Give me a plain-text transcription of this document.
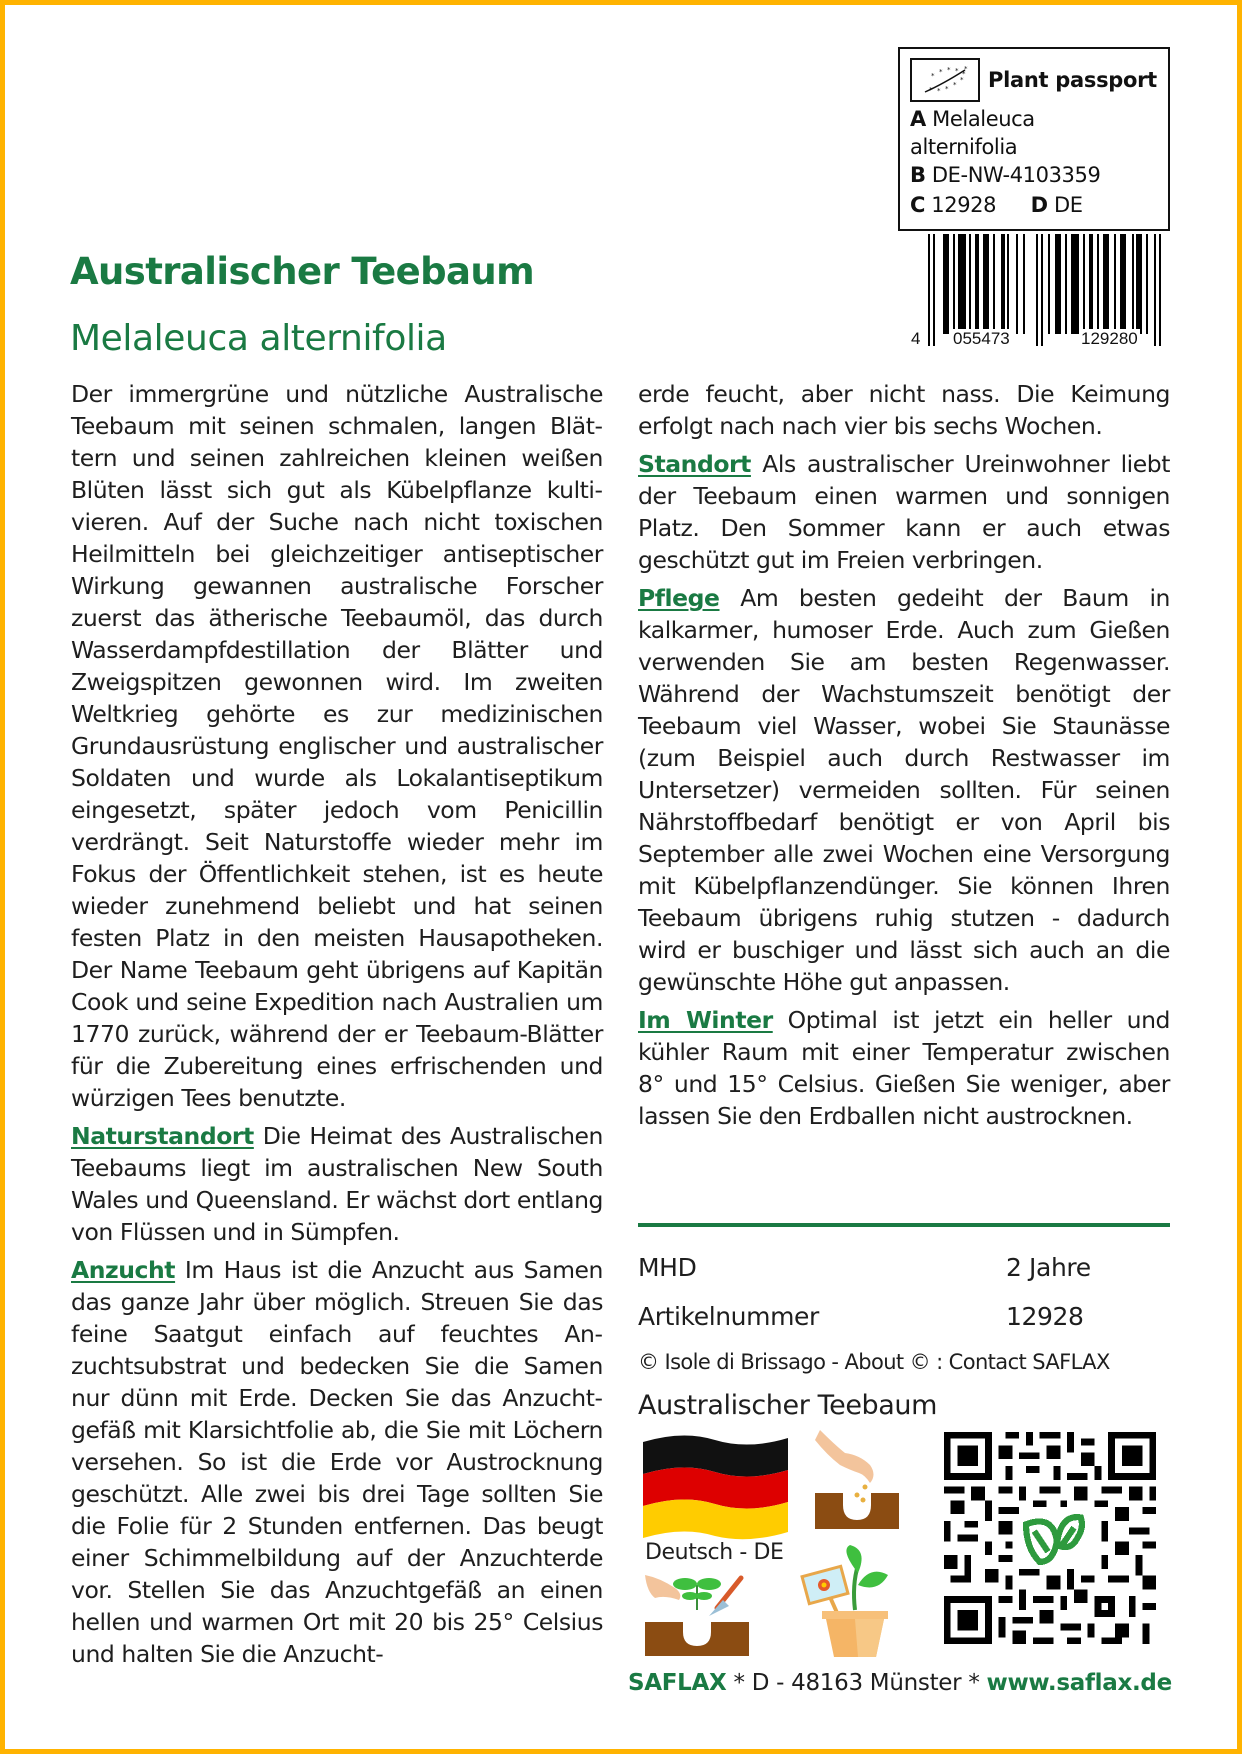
* * * * *
* * * *
*
* Plant passport
A Melaleuca
alternifolia
B DE-NW-4103359
C 12928 D DE
4 055473	129280
Australischer Teebaum
Melaleuca alternifolia

Der immergrüne und nützliche Australische Teebaum mit seinen schmalen, langen Blättern und seinen zahlreichen kleinen weißen Blüten lässt sich gut als Kübelpflanze kultivieren. Auf der Suche nach nicht toxischen Heilmitteln bei gleichzeitiger antiseptischer Wirkung gewannen australische Forscher zuerst das ätherische Teebaumöl, das durch Wasserdampfdestillation der Blätter und Zweigspitzen gewonnen wird. Im zweiten Weltkrieg gehörte es zur medizinischen Grundausrüstung englischer und australischer Soldaten und wurde als Lokalantiseptikum eingesetzt, später jedoch vom Penicillin verdrängt. Seit Naturstoffe wieder mehr im Fokus der Öffentlichkeit stehen, ist es heute wieder zunehmend beliebt und hat seinen festen Platz in den meisten Hausapotheken. Der Name Teebaum geht übrigens auf Kapitän Cook und seine Expedition nach Australien um 1770 zurück, während der er Teebaum-Blätter für die Zubereitung eines erfrischenden und würzigen Tees benutzte.

Naturstandort Die Heimat des Australischen Teebaums liegt im australischen New South Wales und Queensland. Er wächst dort entlang von Flüssen und in Sümpfen.

Anzucht Im Haus ist die Anzucht aus Samen das ganze Jahr über möglich. Streuen Sie das feine Saatgut einfach auf feuchtes Anzuchtsubstrat und bedecken Sie die Samen nur dünn mit Erde. Decken Sie das Anzuchtgefäß mit Klarsichtfolie ab, die Sie mit Löchern versehen. So ist die Erde vor Austrocknung geschützt. Alle zwei bis drei Tage sollten Sie die Folie für 2 Stunden entfernen. Das beugt einer Schimmelbildung auf der Anzuchterde vor. Stellen Sie das Anzuchtgefäß an einen hellen und warmen Ort mit 20 bis 25° Celsius und halten Sie die Anzucht-

erde feucht, aber nicht nass. Die Keimung erfolgt nach nach vier bis sechs Wochen.

Standort Als australischer Ureinwohner liebt der Teebaum einen warmen und sonnigen Platz. Den Sommer kann er auch etwas geschützt gut im Freien verbringen.

Pflege Am besten gedeiht der Baum in kalkarmer, humoser Erde. Auch zum Gießen verwenden Sie am besten Regenwasser. Während der Wachstumszeit benötigt der Teebaum viel Wasser, wobei Sie Staunässe (zum Beispiel auch durch Restwasser im Untersetzer) vermeiden sollten. Für seinen Nährstoffbedarf benötigt er von April bis September alle zwei Wochen eine Versorgung mit Kübelpflanzendünger. Sie können Ihren Teebaum übrigens ruhig stutzen - dadurch wird er buschiger und lässt sich auch an die gewünschte Höhe gut anpassen.

Im Winter Optimal ist jetzt ein heller und kühler Raum mit einer Temperatur zwischen 8° und 15° Celsius. Gießen Sie weniger, aber lassen Sie den Erdballen nicht austrocknen.

MHD	2 Jahre
Artikelnummer	12928
© Isole di Brissago - About © : Contact SAFLAX
Australischer Teebaum
Deutsch - DE
SAFLAX * D - 48163 Münster * www.saflax.de
